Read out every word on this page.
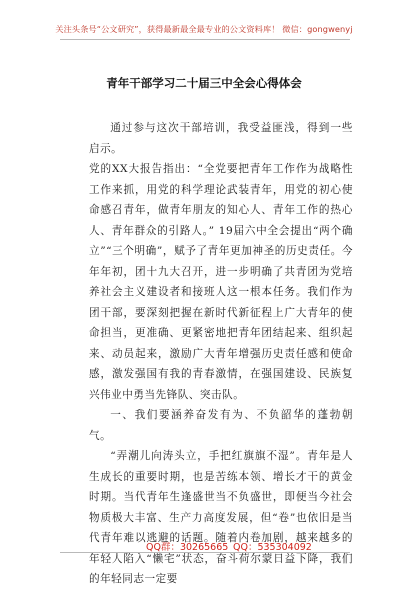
关注头条号“公文研究”，获得最新最全最专业的公文资料库！ 微信：gongwenyj
青年干部学习二十届三中全会心得体会

通过参与这次干部培训，我受益匪浅，得到一些启示。

党的XX大报告指出：“全党要把青年工作作为战略性工作来抓，用党的科学理论武装青年，用党的初心使命感召青年，做青年朋友的知心人、青年工作的热心人、青年群众的引路人。” 19届六中全会提出“两个确立”“三个明确”，赋予了青年更加神圣的历史责任。今年年初，团十九大召开，进一步明确了共青团为党培养社会主义建设者和接班人这一根本任务。我们作为团干部，要深刻把握在新时代新征程上广大青年的使命担当，更准确、更紧密地把青年团结起来、组织起来、动员起来，激励广大青年增强历史责任感和使命感，激发强国有我的青春激情，在强国建设、民族复兴伟业中勇当先锋队、突击队。

一、我们要涵养奋发有为、不负韶华的蓬勃朝气。

“弄潮儿向涛头立，手把红旗旗不湿”。青年是人生成长的重要时期，也是苦练本领、增长才干的黄金时期。当代青年生逢盛世当不负盛世，即便当今社会物质极大丰富、生产力高度发展，但“卷”也依旧是当代青年难以逃避的话题。随着内卷加剧，越来越多的年轻人陷入“懒宅”状态，奋斗荷尔蒙日益下降，我们的年轻同志一定要

QQ群：30265665 QQ：535304092
